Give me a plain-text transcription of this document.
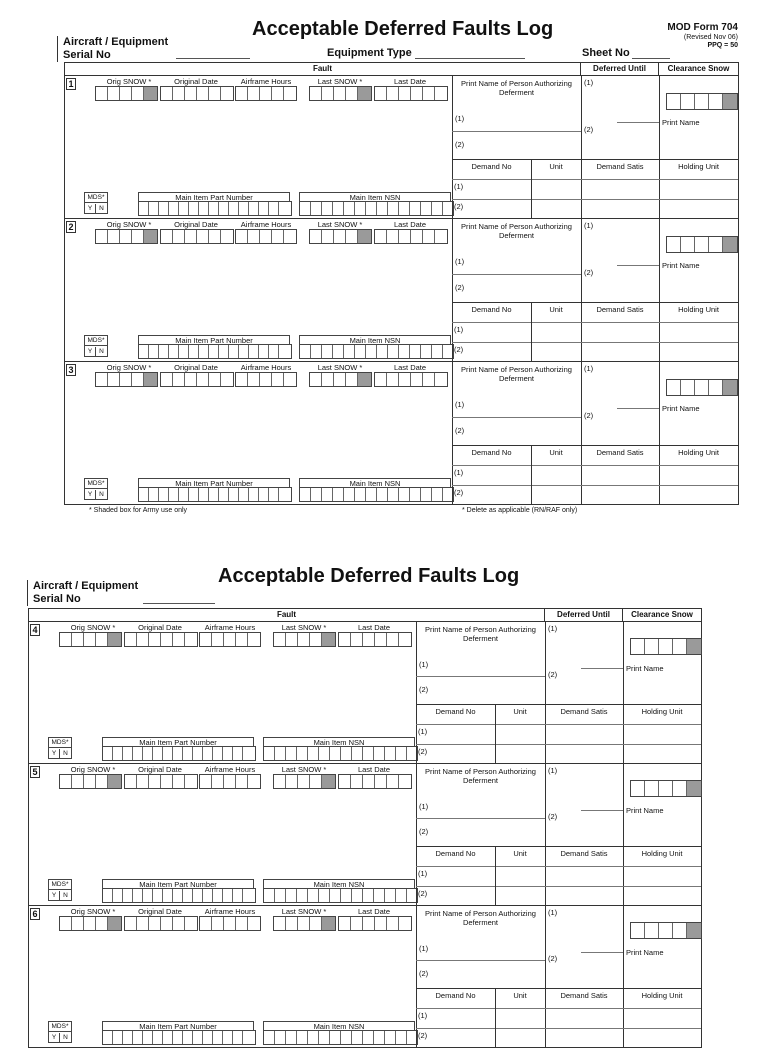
Acceptable Deferred Faults Log	MOD Form 704
(Revised Nov 06)
PPQ = 50
Aircraft / Equipment
Serial No	Equipment Type	Sheet No
Fault	Deferred Until	Clearance Snow
1	Orig SNOW *	Original Date	Airframe Hours	Last SNOW *	Last Date
MDS*
Y	N
Main Item Part Number	Main Item NSN
Print Name of Person Authorizing Deferment
(1)
(2)
Demand No	Unit	Demand Satis	Holding Unit
(1)
(2)
(1)
(2)
Print Name
2	Orig SNOW *	Original Date	Airframe Hours	Last SNOW *	Last Date
MDS*
Y	N
Main Item Part Number	Main Item NSN
Print Name of Person Authorizing Deferment
(1)
(2)
Demand No	Unit	Demand Satis	Holding Unit
(1)
(2)
(1)
(2)
Print Name
3	Orig SNOW *	Original Date	Airframe Hours	Last SNOW *	Last Date
MDS*
Y	N
Main Item Part Number	Main Item NSN
Print Name of Person Authorizing Deferment
(1)
(2)
Demand No	Unit	Demand Satis	Holding Unit
(1)
(2)
(1)
(2)
Print Name
* Shaded box for Army use only	* Delete as applicable (RN/RAF only)
Acceptable Deferred Faults Log
Aircraft / Equipment
Serial No
Fault	Deferred Until	Clearance Snow
4	Orig SNOW *	Original Date	Airframe Hours	Last SNOW *	Last Date
MDS*
Y	N
Main Item Part Number	Main Item NSN
Print Name of Person Authorizing Deferment
(1)
(2)
Demand No	Unit	Demand Satis	Holding Unit
(1)
(2)
(1)
(2)
Print Name
5	Orig SNOW *	Original Date	Airframe Hours	Last SNOW *	Last Date
MDS*
Y	N
Main Item Part Number	Main Item NSN
Print Name of Person Authorizing Deferment
(1)
(2)
Demand No	Unit	Demand Satis	Holding Unit
(1)
(2)
(1)
(2)
Print Name
6	Orig SNOW *	Original Date	Airframe Hours	Last SNOW *	Last Date
MDS*
Y	N
Main Item Part Number	Main Item NSN
Print Name of Person Authorizing Deferment
(1)
(2)
Demand No	Unit	Demand Satis	Holding Unit
(1)
(2)
(1)
(2)
Print Name
